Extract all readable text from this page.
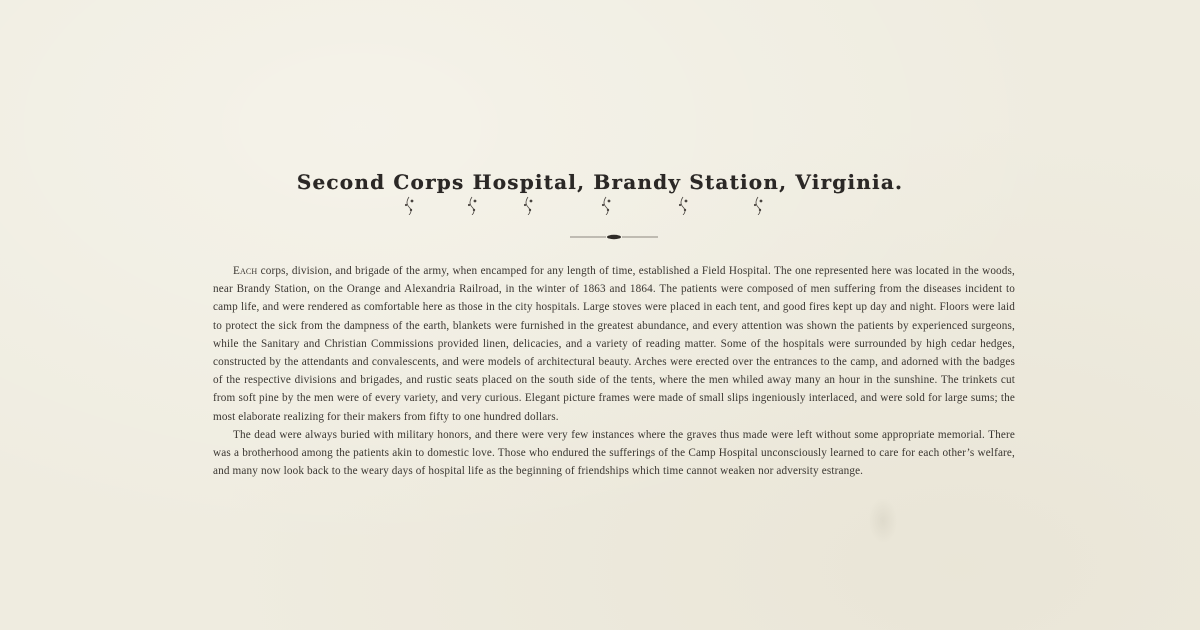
Second Corps Hospital, Brandy Station, Virginia.

Each corps, division, and brigade of the army, when encamped for any length of time, established a Field Hospital. The one represented here was located in the woods, near Brandy Station, on the Orange and Alexandria Railroad, in the winter of 1863 and 1864. The patients were composed of men suffering from the diseases incident to camp life, and were rendered as comfortable here as those in the city hospitals. Large stoves were placed in each tent, and good fires kept up day and night. Floors were laid to protect the sick from the dampness of the earth, blankets were furnished in the greatest abundance, and every attention was shown the patients by experienced surgeons, while the Sanitary and Christian Commissions provided linen, delicacies, and a variety of reading matter. Some of the hospitals were surrounded by high cedar hedges, constructed by the attendants and convalescents, and were models of architectural beauty. Arches were erected over the entrances to the camp, and adorned with the badges of the respective divisions and brigades, and rustic seats placed on the south side of the tents, where the men whiled away many an hour in the sunshine. The trinkets cut from soft pine by the men were of every variety, and very curious. Elegant picture frames were made of small slips ingeniously interlaced, and were sold for large sums; the most elaborate realizing for their makers from fifty to one hundred dollars.

The dead were always buried with military honors, and there were very few instances where the graves thus made were left without some appropriate memorial. There was a brotherhood among the patients akin to domestic love. Those who endured the sufferings of the Camp Hospital unconsciously learned to care for each other’s welfare, and many now look back to the weary days of hospital life as the beginning of friendships which time cannot weaken nor adversity estrange.
